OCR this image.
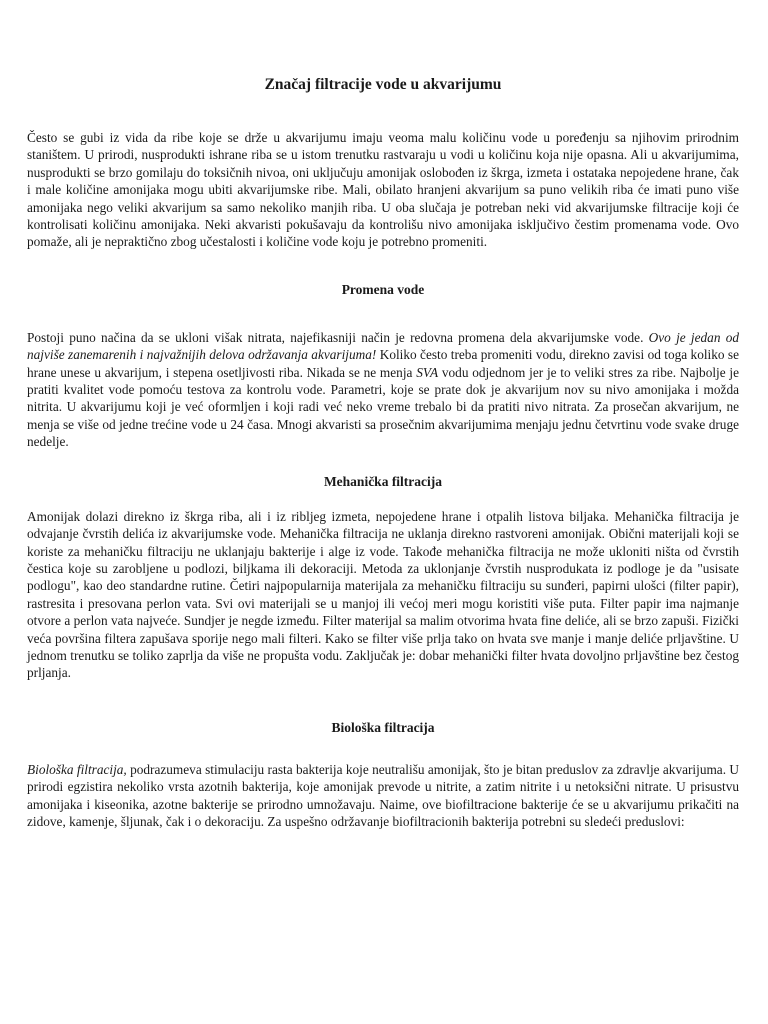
Značaj filtracije vode u akvarijumu

Često se gubi iz vida da ribe koje se drže u akvarijumu imaju veoma malu količinu vode u poređenju sa njihovim prirodnim staništem. U prirodi, nusprodukti ishrane riba se u istom trenutku rastvaraju u vodi u količinu koja nije opasna. Ali u akvarijumima, nusprodukti se brzo gomilaju do toksičnih nivoa, oni uključuju amonijak oslobođen iz škrga, izmeta i ostataka nepojedene hrane, čak i male količine amonijaka mogu ubiti akvarijumske ribe. Mali, obilato hranjeni akvarijum sa puno velikih riba će imati puno više amonijaka nego veliki akvarijum sa samo nekoliko manjih riba. U oba slučaja je potreban neki vid akvarijumske filtracije koji će kontrolisati količinu amonijaka. Neki akvaristi pokušavaju da kontrolišu nivo amonijaka isključivo čestim promenama vode. Ovo pomaže, ali je nepraktično zbog učestalosti i količine vode koju je potrebno promeniti.

Promena vode

Postoji puno načina da se ukloni višak nitrata, najefikasniji način je redovna promena dela akvarijumske vode. Ovo je jedan od najviše zanemarenih i najvažnijih delova održavanja akvarijuma! Koliko često treba promeniti vodu, direkno zavisi od toga koliko se hrane unese u akvarijum, i stepena osetljivosti riba. Nikada se ne menja SVA vodu odjednom jer je to veliki stres za ribe. Najbolje je pratiti kvalitet vode pomoću testova za kontrolu vode. Parametri, koje se prate dok je akvarijum nov su nivo amonijaka i možda nitrita. U akvarijumu koji je već oformljen i koji radi već neko vreme trebalo bi da pratiti nivo nitrata. Za prosečan akvarijum, ne menja se više od jedne trećine vode u 24 časa. Mnogi akvaristi sa prosečnim akvarijumima menjaju jednu četvrtinu vode svake druge nedelje.

Mehanička filtracija

Amonijak dolazi direkno iz škrga riba, ali i iz ribljeg izmeta, nepojedene hrane i otpalih listova biljaka. Mehanička filtracija je odvajanje čvrstih delića iz akvarijumske vode. Mehanička filtracija ne uklanja direkno rastvoreni amonijak. Obični materijali koji se koriste za mehaničku filtraciju ne uklanjaju bakterije i alge iz vode. Takođe mehanička filtracija ne može ukloniti ništa od čvrstih čestica koje su zarobljene u podlozi, biljkama ili dekoraciji. Metoda za uklonjanje čvrstih nusprodukata iz podloge je da "usisate podlogu", kao deo standardne rutine. Četiri najpopularnija materijala za mehaničku filtraciju su sunđeri, papirni ulošci (filter papir), rastresita i presovana perlon vata. Svi ovi materijali se u manjoj ili većoj meri mogu koristiti više puta. Filter papir ima najmanje otvore a perlon vata najveće. Sundjer je negde između. Filter materijal sa malim otvorima hvata fine deliće, ali se brzo zapuši. Fizički veća površina filtera zapušava sporije nego mali filteri. Kako se filter više prlja tako on hvata sve manje i manje deliće prljavštine. U jednom trenutku se toliko zaprlja da više ne propušta vodu. Zaključak je: dobar mehanički filter hvata dovoljno prljavštine bez čestog prljanja.

Biološka filtracija

Biološka filtracija, podrazumeva stimulaciju rasta bakterija koje neutrališu amonijak, što je bitan preduslov za zdravlje akvarijuma. U prirodi egzistira nekoliko vrsta azotnih bakterija, koje amonijak prevode u nitrite, a zatim nitrite i u netoksični nitrate. U prisustvu amonijaka i kiseonika, azotne bakterije se prirodno umnožavaju. Naime, ove biofiltracione bakterije će se u akvarijumu prikačiti na zidove, kamenje, šljunak, čak i o dekoraciju. Za uspešno održavanje biofiltracionih bakterija potrebni su sledeći preduslovi:
